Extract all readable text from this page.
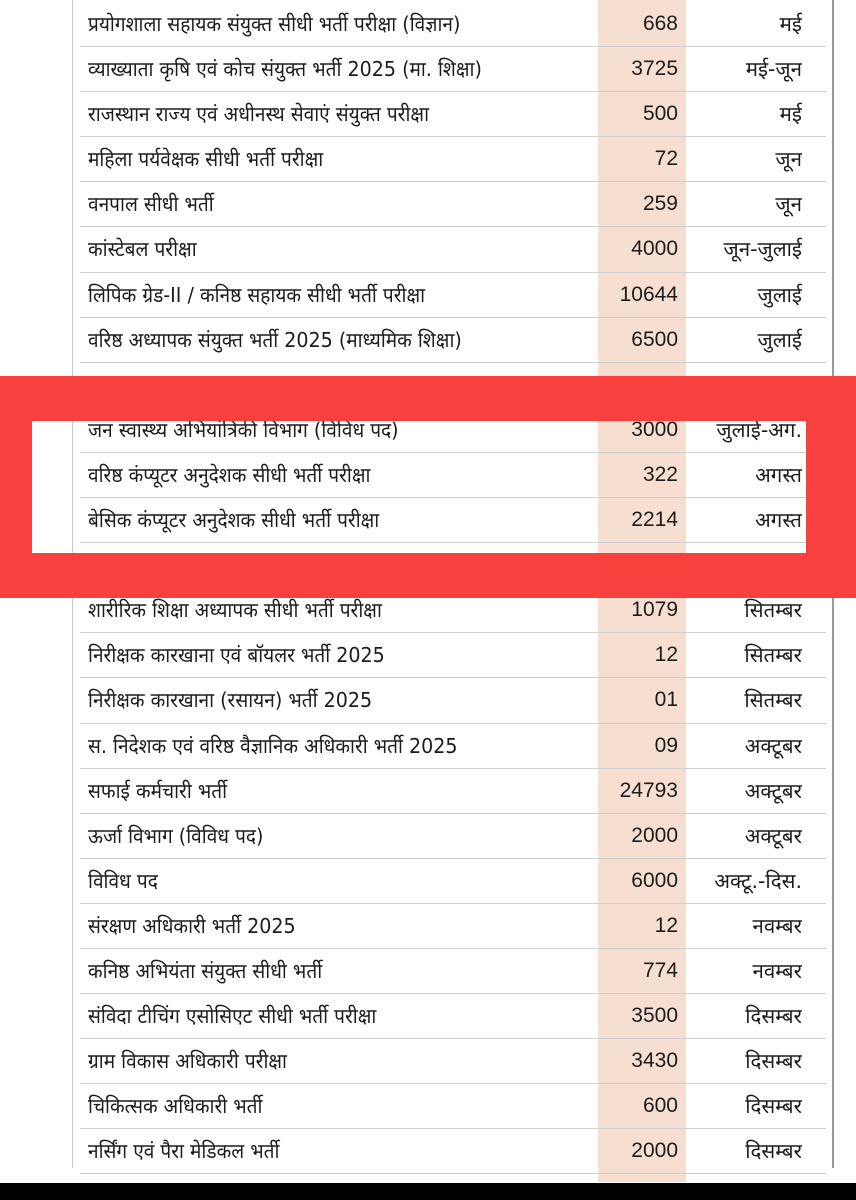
प्रयोगशाला सहायक संयुक्त सीधी भर्ती परीक्षा (विज्ञान)	668	मई
व्याख्याता कृषि एवं कोच संयुक्त भर्ती 2025 (मा. शिक्षा)	3725	मई-जून
राजस्थान राज्य एवं अधीनस्थ सेवाएं संयुक्त परीक्षा	500	मई
महिला पर्यवेक्षक सीधी भर्ती परीक्षा	72	जून
वनपाल सीधी भर्ती	259	जून
कांस्टेबल परीक्षा	4000	जून-जुलाई
लिपिक ग्रेड-II / कनिष्ठ सहायक सीधी भर्ती परीक्षा	10644	जुलाई
वरिष्ठ अध्यापक संयुक्त भर्ती 2025 (माध्यमिक शिक्षा)	6500	जुलाई
जन स्वास्थ्य अभियांत्रिकी विभाग (विविध पद)	3000	जुलाई-अग.
वरिष्ठ कंप्यूटर अनुदेशक सीधी भर्ती परीक्षा	322	अगस्त
बेसिक कंप्यूटर अनुदेशक सीधी भर्ती परीक्षा	2214	अगस्त
शारीरिक शिक्षा अध्यापक सीधी भर्ती परीक्षा	1079	सितम्बर
निरीक्षक कारखाना एवं बॉयलर भर्ती 2025	12	सितम्बर
निरीक्षक कारखाना (रसायन) भर्ती 2025	01	सितम्बर
स. निदेशक एवं वरिष्ठ वैज्ञानिक अधिकारी भर्ती 2025	09	अक्टूबर
सफाई कर्मचारी भर्ती	24793	अक्टूबर
ऊर्जा विभाग (विविध पद)	2000	अक्टूबर
विविध पद	6000	अक्टू.-दिस.
संरक्षण अधिकारी भर्ती 2025	12	नवम्बर
कनिष्ठ अभियंता संयुक्त सीधी भर्ती	774	नवम्बर
संविदा टीचिंग एसोसिएट सीधी भर्ती परीक्षा	3500	दिसम्बर
ग्राम विकास अधिकारी परीक्षा	3430	दिसम्बर
चिकित्सक अधिकारी भर्ती	600	दिसम्बर
नर्सिंग एवं पैरा मेडिकल भर्ती	2000	दिसम्बर
